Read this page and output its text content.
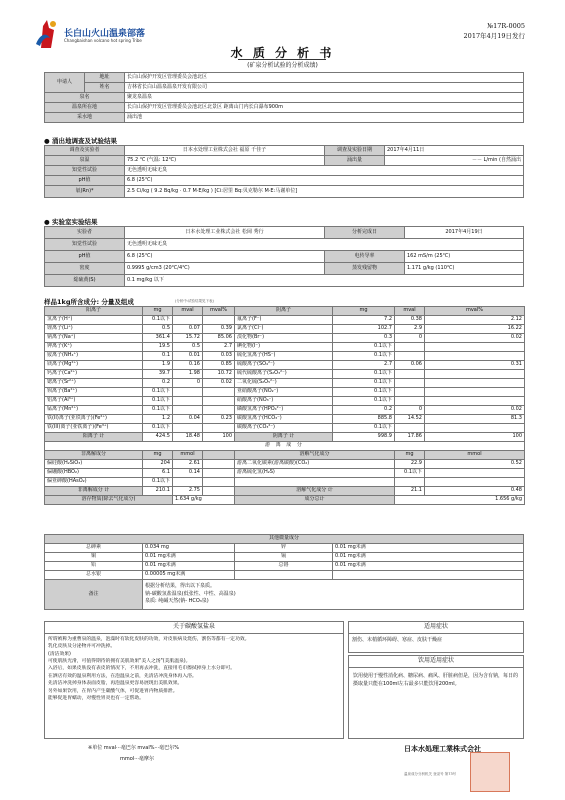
长白山火山温泉部落
Changbaishan volcano hot spring Tribe
№17R-0005
2017年4月19日发行
水 质 分 析 书
(矿泉分析试验的分析成绩)
申请人	地址	长白山保护开发区管理委员会池北区
	姓名	吉林省长白山温泉温泉开发有限公司
泉名		聚龙泉温泉
温泉所在地		长白山保护开发区管理委员会池北区北景区 距离山门内长白瀑布900m
采水地		涌出池
● 涌出地调查及试验结果
调查及实验者	日本水处理工业株式会社 福原 千佳子	调查及实验日期	2017年4月11日
泉温	75.2 ℃ (气温: 12℃)	涌出量	－－ L/min (自然涌出
知觉性试验	无色透明无味无臭		
pH值	6.8 (25℃)		
氡(Rn)*	2.5 Ci/kg ( 9.2 Bq/kg · 0.7 M·E/kg ) [Ci:居里 Bq:贝克勒尔 M·E:马谢单位]		
● 实验室实验结果
实验者	日本水处理工业株式会社 松岡 秀行	分析完成日	2017年4月19日
知觉性试验	无色透明无味无臭		
pH值	6.8 (25℃)	电传导率	162 mS/m (25℃)
密度	0.9995 g/cm3 (20℃/4℃)	蒸发残留物	1.171 g/kg (110℃)
総硫黄(S)	0.1 mg/kg 以下		
样品1kg所含成分: 分量及组成	(分析中:试验结果见下表)
阳离子	mg	mval	mval%	阴离子	mg	mval	mval%
氢离子(H⁺)	0.1以下			氟离子(F⁻)	7.2	0.38	2.12
锂离子(Li⁺)	0.5	0.07	0.39	氯离子(Cl⁻)	102.7	2.9	16.22
钠离子(Na⁺)	361.4	15.72	85.06	溴化物(Br⁻)	0.3	0	0.02
钾离子(K⁺)	19.5	0.5	2.7	碘化物(I⁻)	0.1以下		
铵离子(NH₄⁺)	0.1	0.01	0.03	硫化氢离子(HS⁻)	0.1以下		
镁离子(Mg²⁺)	1.9	0.16	0.85	硫酸离子(SO₄²⁻)	2.7	0.06	0.31
钙离子(Ca²⁺)	39.7	1.98	10.72	硫代硫酸离子(S₂O₃²⁻)	0.1以下		
锶离子(Sr²⁺)	0.2	0	0.02	二氧化硫(S₂O₅²⁻)	0.1以下		
钡离子(Ba²⁺)	0.1以下			亚硝酸离子(NO₂⁻)	0.1以下		
铝离子(Al³⁺)	0.1以下			硝酸离子(NO₃⁻)	0.1以下		
锰离子(Mn²⁺)	0.1以下			磷酸氢离子(HPO₄²⁻)	0.2	0	0.02
铁(II)离子(亚铁离子)(Fe²⁺)	1.2	0.04	0.23	碳酸氢离子(HCO₃⁻)	885.8	14.52	81.3
铁(III)离子(亚铁离子)(Fe³⁺)	0.1以下			碳酸离子(CO₃²⁻)	0.1以下		
阳离子 计	424.5	18.48	100	阴离子 计	998.9	17.86	100
游 离 成 分							
非离解成分	mg	mmol		溶解气化成分		mg	mmol
偏硅酸(H₂SiO₃)	204	2.61		游离二氧化碳素(游离碳酸)(CO₂)		22.9	0.52
偏硼酸(HBO₂)	6.1	0.14		游离硫化氢(H₂S)		0.1以下	
偏亚砷酸(HAsO₂)	0.1以下						
非离解成分 计	210.1	2.75		溶解气化成分 计		21.1	0.48
溶存物质(除去气化成分)		1.634 g/kg		成分总计		1.656 g/kg	
其他微量成分			
总砷素	0.034 mg	锌	0.01 mg未满
铜	0.01 mg未满	镉	0.01 mg未满
铅	0.01 mg未满	总铬	0.01 mg未满
总水银	0.00005 mg未满		
备注	根据分析结果，得出以下泉质。
钠-碳酸氢盐温泉(低张性、中性、高温泉)
泉质: 纯碱天然(钠- HCO₃泉)		
关于碳酸氢盐泉
所谓被称为重曹泉的温泉，泡澡时有软化皮肤的功效，对皮肤病及烧伤，割伤等都有一定功效。
乳化皮肤及分泌物并可冲洗掉。
(清洁效果)
可使肌肤光滑，可值得期待的拥有美肌效果"美人之汤"(美肌温泉)。
入浴后，如果皮肤没有表皮的情况下，不用再去冲洗，直接用毛巾擦拭掉身上水分即可。
在洒店有效的温泉利用方法，在泡温泉之前，先清洁冲洗身体再入浴。
先清洁冲洗掉身体表面皮脂，再泡温泉更容易展现出美肌效果。
另外如果饮用，在胃内产生碳酸气体，可促进胃内物质排泄。
能够促进胃蠕动，对慢性胃炎也有一定帮助。
适用症状
割伤、末梢循环障碍、寒症、皮肤干燥症
饮用适用症状
饮用使用于慢性消化病、糖尿病、痛风、肝脏病但是，因为含有钠，每日的摄取量只能在100ml左右最多只能饮用200ml。
※单位 mval···毫巴尔 mval%···毫巴尔%
mmol···毫摩尔
日本水処理工業株式会社
温泉成分分析机关 登录号 第73号
